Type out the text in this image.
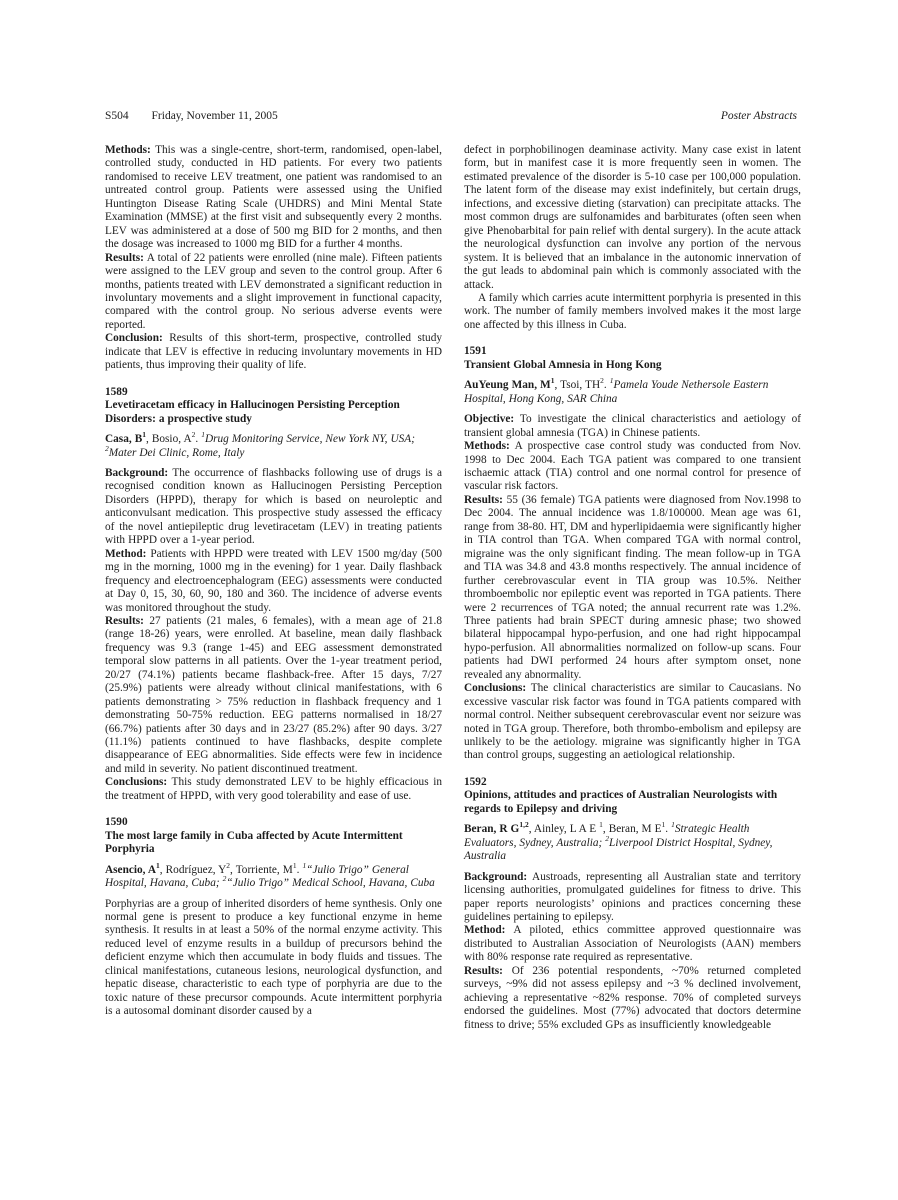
S504 Friday, November 11, 2005	Poster Abstracts

Methods: This was a single-centre, short-term, randomised, open-label, controlled study, conducted in HD patients. For every two patients randomised to receive LEV treatment, one patient was randomised to an untreated control group. Patients were assessed using the Unified Huntington Disease Rating Scale (UHDRS) and Mini Mental State Examination (MMSE) at the first visit and subsequently every 2 months. LEV was administered at a dose of 500 mg BID for 2 months, and then the dosage was increased to 1000 mg BID for a further 4 months.

Results: A total of 22 patients were enrolled (nine male). Fifteen patients were assigned to the LEV group and seven to the control group. After 6 months, patients treated with LEV demonstrated a significant reduction in involuntary movements and a slight improvement in functional capacity, compared with the control group. No serious adverse events were reported.

Conclusion: Results of this short-term, prospective, controlled study indicate that LEV is effective in reducing involuntary movements in HD patients, thus improving their quality of life.

1589
Levetiracetam efficacy in Hallucinogen Persisting Perception Disorders: a prospective study
Casa, $B^1$, Bosio, $A^2$. $^1$Drug Monitoring Service, New York NY, USA; $^2$Mater Dei Clinic, Rome, Italy

Background: The occurrence of flashbacks following use of drugs is a recognised condition known as Hallucinogen Persisting Perception Disorders (HPPD), therapy for which is based on neuroleptic and anticonvulsant medication. This prospective study assessed the efficacy of the novel antiepileptic drug levetiracetam (LEV) in treating patients with HPPD over a 1-year period.

Method: Patients with HPPD were treated with LEV 1500 mg/day (500 mg in the morning, 1000 mg in the evening) for 1 year. Daily flashback frequency and electroencephalogram (EEG) assessments were conducted at Day 0, 15, 30, 60, 90, 180 and 360. The incidence of adverse events was monitored throughout the study.

Results: 27 patients (21 males, 6 females), with a mean age of 21.8 (range 18-26) years, were enrolled. At baseline, mean daily flashback frequency was 9.3 (range 1-45) and EEG assessment demonstrated temporal slow patterns in all patients. Over the 1-year treatment period, 20/27 (74.1%) patients became flashback-free. After 15 days, 7/27 (25.9%) patients were already without clinical manifestations, with 6 patients demonstrating > 75% reduction in flashback frequency and 1 demonstrating 50-75% reduction. EEG patterns normalised in 18/27 (66.7%) patients after 30 days and in 23/27 (85.2%) after 90 days. 3/27 (11.1%) patients continued to have flashbacks, despite complete disappearance of EEG abnormalities. Side effects were few in incidence and mild in severity. No patient discontinued treatment.

Conclusions: This study demonstrated LEV to be highly efficacious in the treatment of HPPD, with very good tolerability and ease of use.

1590
The most large family in Cuba affected by Acute Intermittent Porphyria
Asencio, $A^1$, Rodríguez, $Y^2$, Torriente, $M^1$. $^1$“Julio Trigo” General Hospital, Havana, Cuba; $^2$“Julio Trigo” Medical School, Havana, Cuba

Porphyrias are a group of inherited disorders of heme synthesis. Only one normal gene is present to produce a key functional enzyme in heme synthesis. It results in at least a 50% of the normal enzyme activity. This reduced level of enzyme results in a buildup of precursors behind the deficient enzyme which then accumulate in body fluids and tissues. The clinical manifestations, cutaneous lesions, neurological dysfunction, and hepatic disease, characteristic to each type of porphyria are due to the toxic nature of these precursor compounds. Acute intermittent porphyria is a autosomal dominant disorder caused by a

defect in porphobilinogen deaminase activity. Many case exist in latent form, but in manifest case it is more frequently seen in women. The estimated prevalence of the disorder is 5-10 case per 100,000 population. The latent form of the disease may exist indefinitely, but certain drugs, infections, and excessive dieting (starvation) can precipitate attacks. The most common drugs are sulfonamides and barbiturates (often seen when give Phenobarbital for pain relief with dental surgery). In the acute attack the neurological dysfunction can involve any portion of the nervous system. It is believed that an imbalance in the autonomic innervation of the gut leads to abdominal pain which is commonly associated with the attack.

A family which carries acute intermittent porphyria is presented in this work. The number of family members involved makes it the most large one affected by this illness in Cuba.

1591
Transient Global Amnesia in Hong Kong
AuYeung Man, $M^1$, Tsoi, $TH^2$. $^1$Pamela Youde Nethersole Eastern Hospital, Hong Kong, SAR China

Objective: To investigate the clinical characteristics and aetiology of transient global amnesia (TGA) in Chinese patients.

Methods: A prospective case control study was conducted from Nov. 1998 to Dec 2004. Each TGA patient was compared to one transient ischaemic attack (TIA) control and one normal control for presence of vascular risk factors.

Results: 55 (36 female) TGA patients were diagnosed from Nov.1998 to Dec 2004. The annual incidence was 1.8/100000. Mean age was 61, range from 38-80. HT, DM and hyperlipidaemia were significantly higher in TIA control than TGA. When compared TGA with normal control, migraine was the only significant finding. The mean follow-up in TGA and TIA was 34.8 and 43.8 months respectively. The annual incidence of further cerebrovascular event in TIA group was 10.5%. Neither thromboembolic nor epileptic event was reported in TGA patients. There were 2 recurrences of TGA noted; the annual recurrent rate was 1.2%. Three patients had brain SPECT during amnesic phase; two showed bilateral hippocampal hypo-perfusion, and one had right hippocampal hypo-perfusion. All abnormalities normalized on follow-up scans. Four patients had DWI performed 24 hours after symptom onset, none revealed any abnormality.

Conclusions: The clinical characteristics are similar to Caucasians. No excessive vascular risk factor was found in TGA patients compared with normal control. Neither subsequent cerebrovascular event nor seizure was noted in TGA group. Therefore, both thrombo-embolism and epilepsy are unlikely to be the aetiology. migraine was significantly higher in TGA than control groups, suggesting an aetiological relationship.

1592
Opinions, attitudes and practices of Australian Neurologists with regards to Epilepsy and driving
Beran, R G$^{1,2}$, Ainley, L A E $^1$, Beran, M $E^1$. $^1$Strategic Health Evaluators, Sydney, Australia; $^2$Liverpool District Hospital, Sydney, Australia

Background: Austroads, representing all Australian state and territory licensing authorities, promulgated guidelines for fitness to drive. This paper reports neurologists’ opinions and practices concerning these guidelines pertaining to epilepsy.

Method: A piloted, ethics committee approved questionnaire was distributed to Australian Association of Neurologists (AAN) members with 80% response rate required as representative.

Results: Of 236 potential respondents, ~70% returned completed surveys, ~9% did not assess epilepsy and ~3 % declined involvement, achieving a representative ~82% response. 70% of completed surveys endorsed the guidelines. Most (77%) advocated that doctors determine fitness to drive; 55% excluded GPs as insufficiently knowledgeable
